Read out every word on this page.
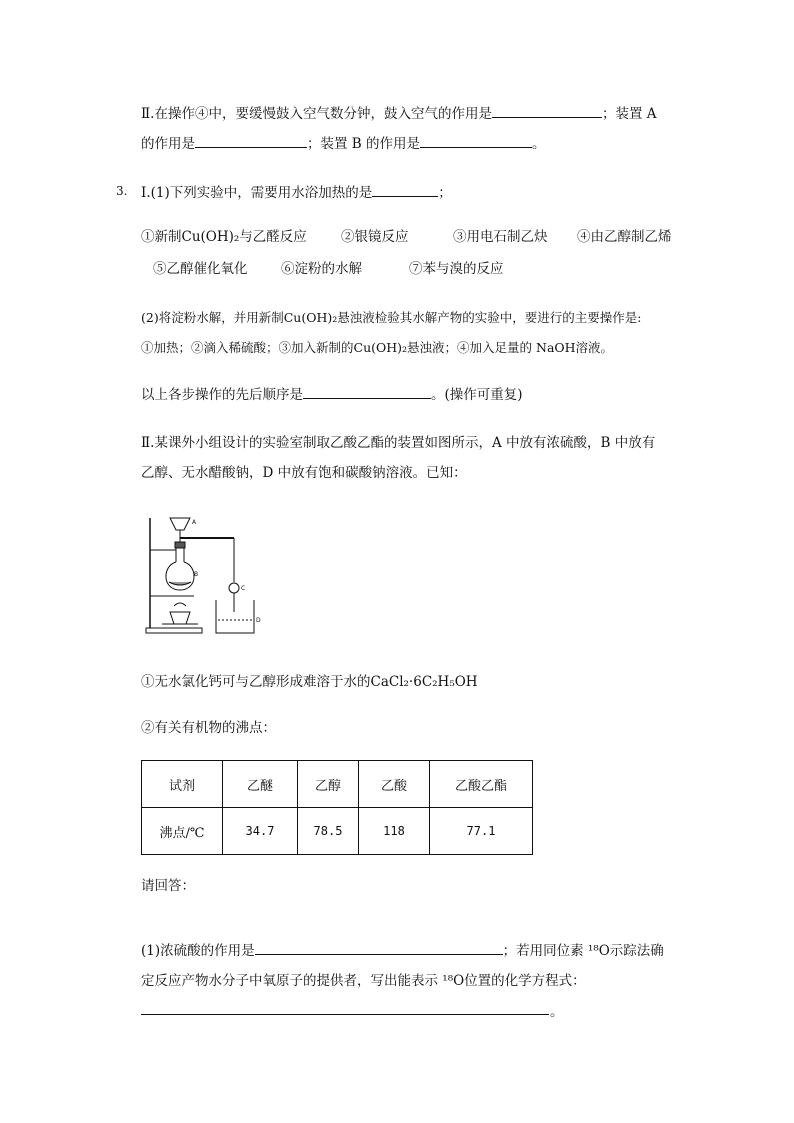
Ⅱ.在操作④中，要缓慢鼓入空气数分钟，鼓入空气的作用是	；装置 A
的作用是	；装置 B 的作用是	。
3. Ⅰ.(1)下列实验中，需要用水浴加热的是	；
①新制Cu(OH)₂与乙醛反应	②银镜反应	③用电石制乙炔 ④由乙醇制乙烯
⑤乙醇催化氧化 ⑥淀粉的水解	⑦苯与溴的反应
(2)将淀粉水解，并用新制Cu(OH)₂悬浊液检验其水解产物的实验中，要进行的主要操作是:
①加热；②滴入稀硫酸；③加入新制的Cu(OH)₂悬浊液；④加入足量的 NaOH溶液。
以上各步操作的先后顺序是	。(操作可重复)
Ⅱ.某课外小组设计的实验室制取乙酸乙酯的装置如图所示，A 中放有浓硫酸，B 中放有
乙醇、无水醋酸钠，D 中放有饱和碳酸钠溶液。已知：
A
B
C
D
①无水氯化钙可与乙醇形成难溶于水的CaCl₂·6C₂H₅OH
②有关有机物的沸点：
试剂	乙醚	乙醇	乙酸	乙酸乙酯
沸点/℃	34.7	78.5	118	77.1
请回答：
(1)浓硫酸的作用是	；若用同位素 ¹⁸O示踪法确
定反应产物水分子中氧原子的提供者，写出能表示 ¹⁸O位置的化学方程式：
。
